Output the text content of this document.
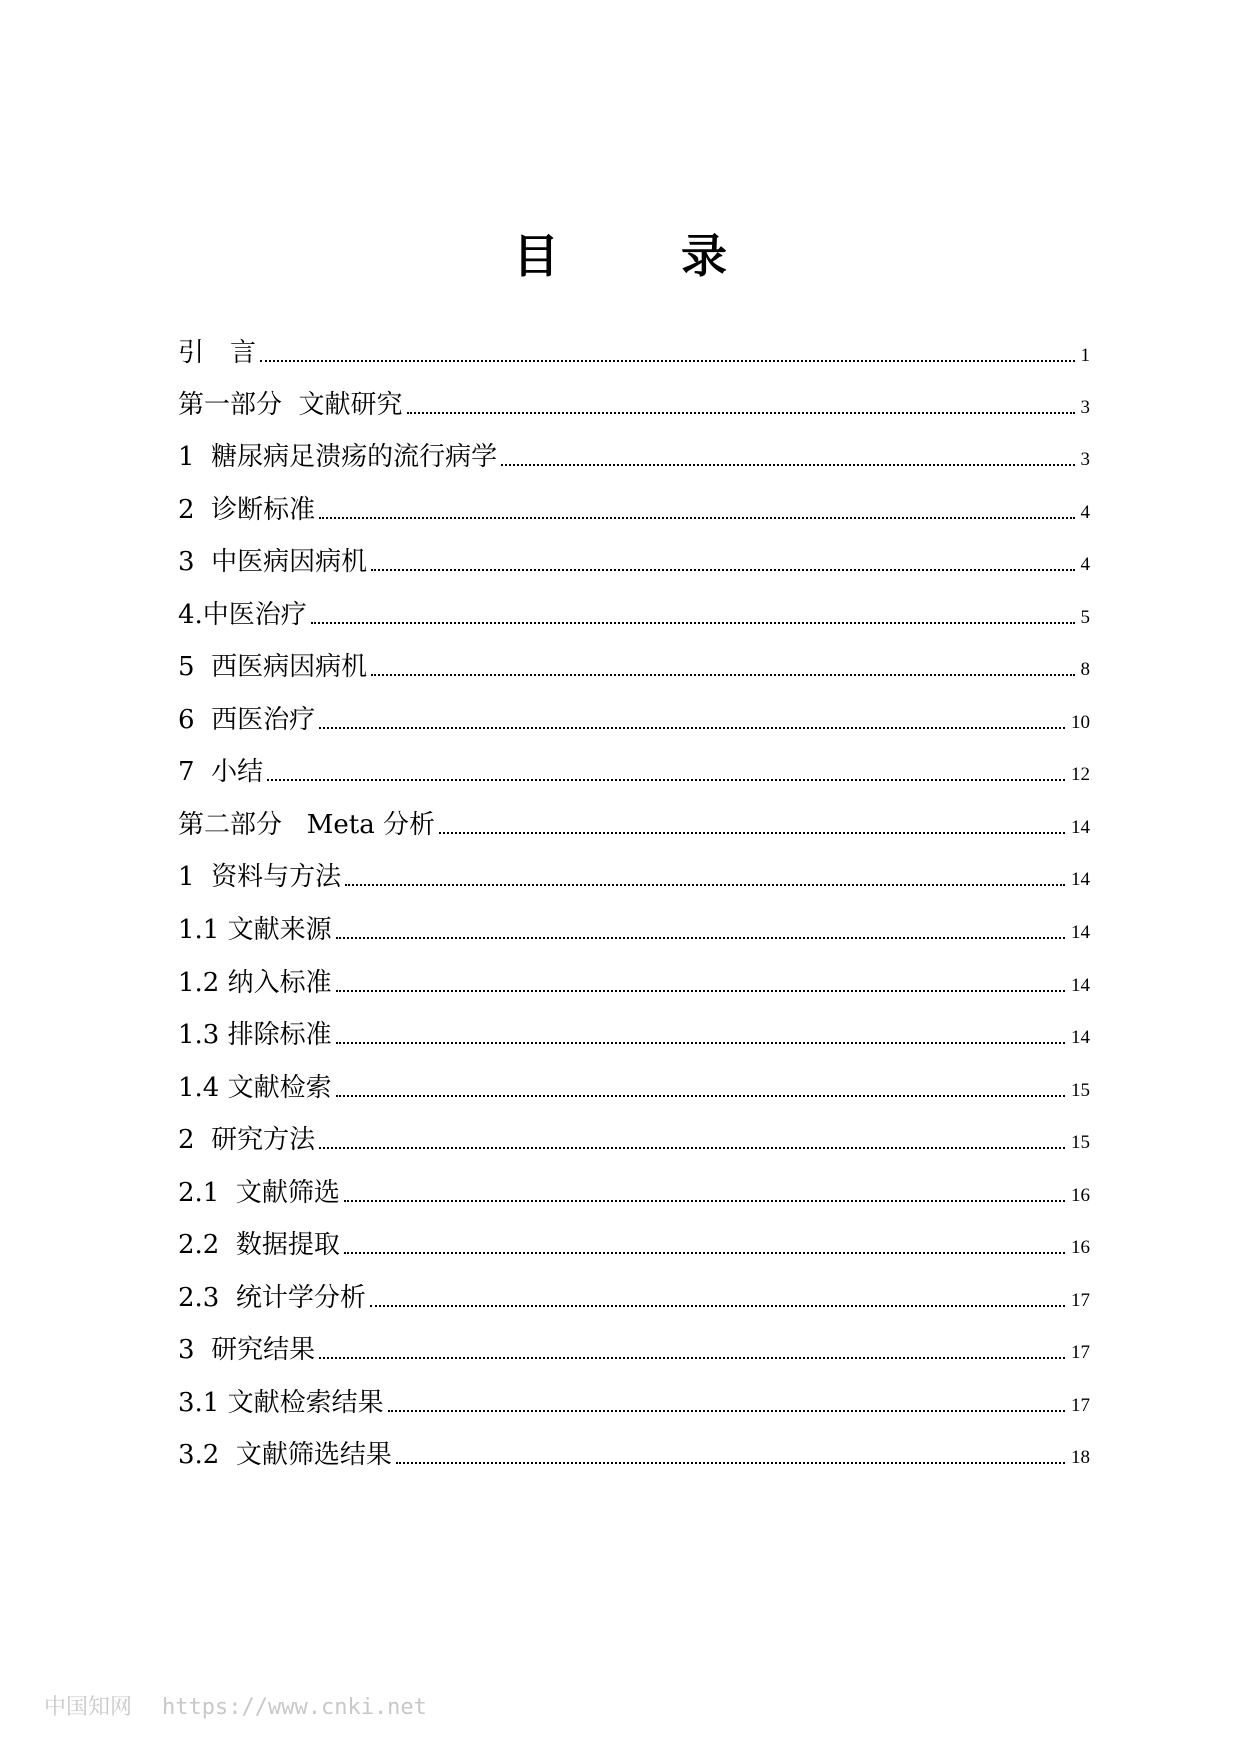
目　录
引　言	1
第一部分  文献研究	3
1  糖尿病足溃疡的流行病学	3
2  诊断标准	4
3  中医病因病机	4
4.中医治疗	5
5  西医病因病机	8
6  西医治疗	10
7  小结	12
第二部分   Meta 分析	14
1  资料与方法	14
1.1 文献来源	14
1.2 纳入标准	14
1.3 排除标准	14
1.4 文献检索	15
2  研究方法	15
2.1  文献筛选	16
2.2  数据提取	16
2.3  统计学分析	17
3  研究结果	17
3.1 文献检索结果	17
3.2  文献筛选结果	18
中国知网 https://www.cnki.net
